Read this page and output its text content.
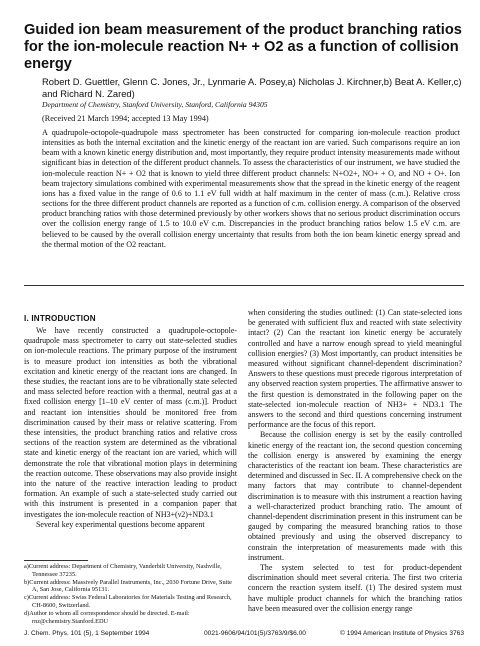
Guided ion beam measurement of the product branching ratios for the ion-molecule reaction N+ + O2 as a function of collision energy
Robert D. Guettler, Glenn C. Jones, Jr., Lynmarie A. Posey,a) Nicholas J. Kirchner,b) Beat A. Keller,c) and Richard N. Zared)
Department of Chemistry, Stanford University, Stanford, California 94305
(Received 21 March 1994; accepted 13 May 1994)

A quadrupole-octopole-quadrupole mass spectrometer has been constructed for comparing ion-molecule reaction product intensities as both the internal excitation and the kinetic energy of the reactant ion are varied. Such comparisons require an ion beam with a known kinetic energy distribution and, most importantly, they require product intensity measurements made without significant bias in detection of the different product channels. To assess the characteristics of our instrument, we have studied the ion-molecule reaction N+ + O2 that is known to yield three different product channels: N+O2+, NO+ + O, and NO + O+. Ion beam trajectory simulations combined with experimental measurements show that the spread in the kinetic energy of the reagent ions has a fixed value in the range of 0.6 to 1.1 eV full width at half maximum in the center of mass (c.m.). Relative cross sections for the three different product channels are reported as a function of c.m. collision energy. A comparison of the observed product branching ratios with those determined previously by other workers shows that no serious product discrimination occurs over the collision energy range of 1.5 to 10.0 eV c.m. Discrepancies in the product branching ratios below 1.5 eV c.m. are believed to be caused by the overall collision energy uncertainty that results from both the ion beam kinetic energy spread and the thermal motion of the O2 reactant.

I. INTRODUCTION

We have recently constructed a quadrupole-octopole-quadrupole mass spectrometer to carry out state-selected studies on ion-molecule reactions. The primary purpose of the instrument is to measure product ion intensities as both the vibrational excitation and kinetic energy of the reactant ions are changed. In these studies, the reactant ions are to be vibrationally state selected and mass selected before reaction with a thermal, neutral gas at a fixed collision energy [1–10 eV center of mass (c.m.)]. Product and reactant ion intensities should be monitored free from discrimination caused by their mass or relative scattering. From these intensities, the product branching ratios and relative cross sections of the reaction system are determined as the vibrational state and kinetic energy of the reactant ion are varied, which will demonstrate the role that vibrational motion plays in determining the reaction outcome. These observations may also provide insight into the nature of the reactive interaction leading to product formation. An example of such a state-selected study carried out with this instrument is presented in a companion paper that investigates the ion-molecule reaction of NH3+(ν2)+ND3.1

Several key experimental questions become apparent

when considering the studies outlined: (1) Can state-selected ions be generated with sufficient flux and reacted with state selectivity intact? (2) Can the reactant ion kinetic energy be accurately controlled and have a narrow enough spread to yield meaningful collision energies? (3) Most importantly, can product intensities be measured without significant channel-dependent discrimination? Answers to these questions must precede rigorous interpretation of any observed reaction system properties. The affirmative answer to the first question is demonstrated in the following paper on the state-selected ion-molecule reaction of NH3+ + ND3.1 The answers to the second and third questions concerning instrument performance are the focus of this report.

Because the collision energy is set by the easily controlled kinetic energy of the reactant ion, the second question concerning the collision energy is answered by examining the energy characteristics of the reactant ion beam. These characteristics are determined and discussed in Sec. II. A comprehensive check on the many factors that may contribute to channel-dependent discrimination is to measure with this instrument a reaction having a well-characterized product branching ratio. The amount of channel-dependent discrimination present in this instrument can be gauged by comparing the measured branching ratios to those obtained previously and using the observed discrepancy to constrain the interpretation of measurements made with this instrument.

The system selected to test for product-dependent discrimination should meet several criteria. The first two criteria concern the reaction system itself. (1) The desired system must have multiple product channels for which the branching ratios have been measured over the collision energy range

a)Current address: Department of Chemistry, Vanderbilt University, Nashville, Tennessee 37235.
b)Current address: Massively Parallel Instruments, Inc., 2030 Fortune Drive, Suite A, San Jose, California 95131.
c)Current address: Swiss Federal Laboratories for Materials Testing and Research, CH-8600, Switzerland.
d)Author to whom all correspondence should be directed. E-mail: rnz@chemistry.Stanford.EDU
J. Chem. Phys. 101 (5), 1 September 1994	0021-9606/94/101(5)/3763/9/$6.00	© 1994 American Institute of Physics 3763
